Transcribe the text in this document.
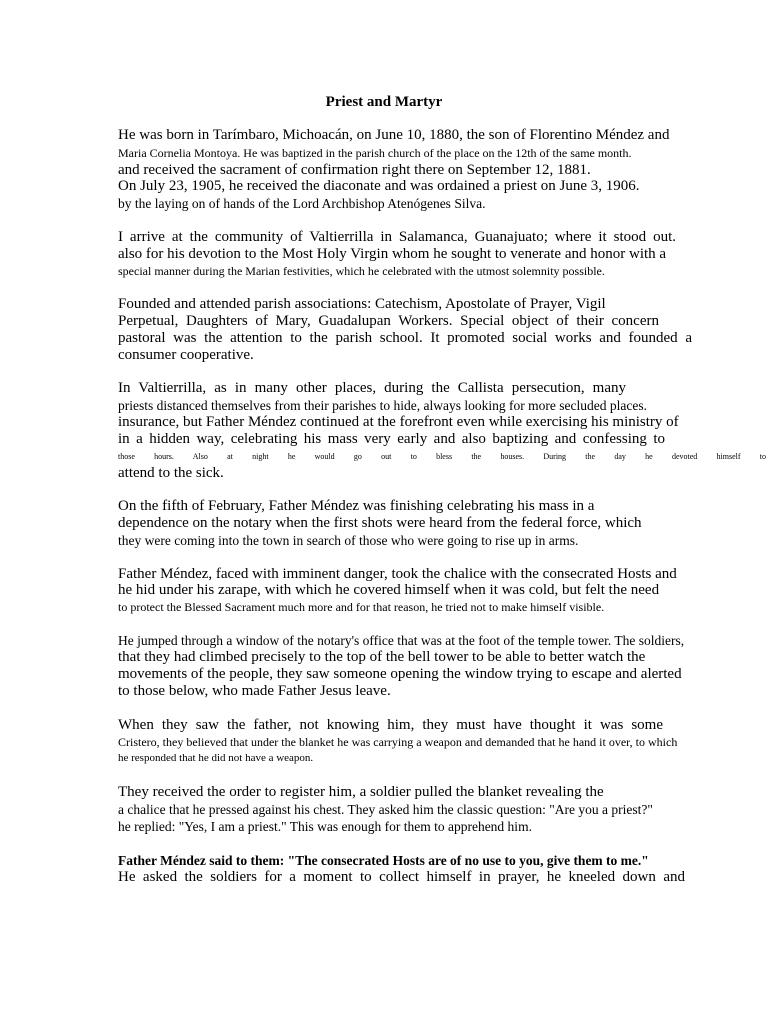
Priest and Martyr
He was born in Tarímbaro, Michoacán, on June 10, 1880, the son of Florentino Méndez and
Maria Cornelia Montoya. He was baptized in the parish church of the place on the 12th of the same month.
and received the sacrament of confirmation right there on September 12, 1881.
On July 23, 1905, he received the diaconate and was ordained a priest on June 3, 1906.
by the laying on of hands of the Lord Archbishop Atenógenes Silva.
I arrive at the community of Valtierrilla in Salamanca, Guanajuato; where it stood out.
also for his devotion to the Most Holy Virgin whom he sought to venerate and honor with a
special manner during the Marian festivities, which he celebrated with the utmost solemnity possible.
Founded and attended parish associations: Catechism, Apostolate of Prayer, Vigil
Perpetual, Daughters of Mary, Guadalupan Workers. Special object of their concern
pastoral was the attention to the parish school. It promoted social works and founded a
consumer cooperative.
In Valtierrilla, as in many other places, during the Callista persecution, many
priests distanced themselves from their parishes to hide, always looking for more secluded places.
insurance, but Father Méndez continued at the forefront even while exercising his ministry of
in a hidden way, celebrating his mass very early and also baptizing and confessing to
those hours. Also at night he would go out to bless the houses. During the day he devoted himself to
attend to the sick.
On the fifth of February, Father Méndez was finishing celebrating his mass in a
dependence on the notary when the first shots were heard from the federal force, which
they were coming into the town in search of those who were going to rise up in arms.
Father Méndez, faced with imminent danger, took the chalice with the consecrated Hosts and
he hid under his zarape, with which he covered himself when it was cold, but felt the need
to protect the Blessed Sacrament much more and for that reason, he tried not to make himself visible.
He jumped through a window of the notary's office that was at the foot of the temple tower. The soldiers,
that they had climbed precisely to the top of the bell tower to be able to better watch the
movements of the people, they saw someone opening the window trying to escape and alerted
to those below, who made Father Jesus leave.
When they saw the father, not knowing him, they must have thought it was some
Cristero, they believed that under the blanket he was carrying a weapon and demanded that he hand it over, to which
he responded that he did not have a weapon.
They received the order to register him, a soldier pulled the blanket revealing the
a chalice that he pressed against his chest. They asked him the classic question: "Are you a priest?"
he replied: "Yes, I am a priest." This was enough for them to apprehend him.
Father Méndez said to them: "The consecrated Hosts are of no use to you, give them to me."
He asked the soldiers for a moment to collect himself in prayer, he kneeled down and
